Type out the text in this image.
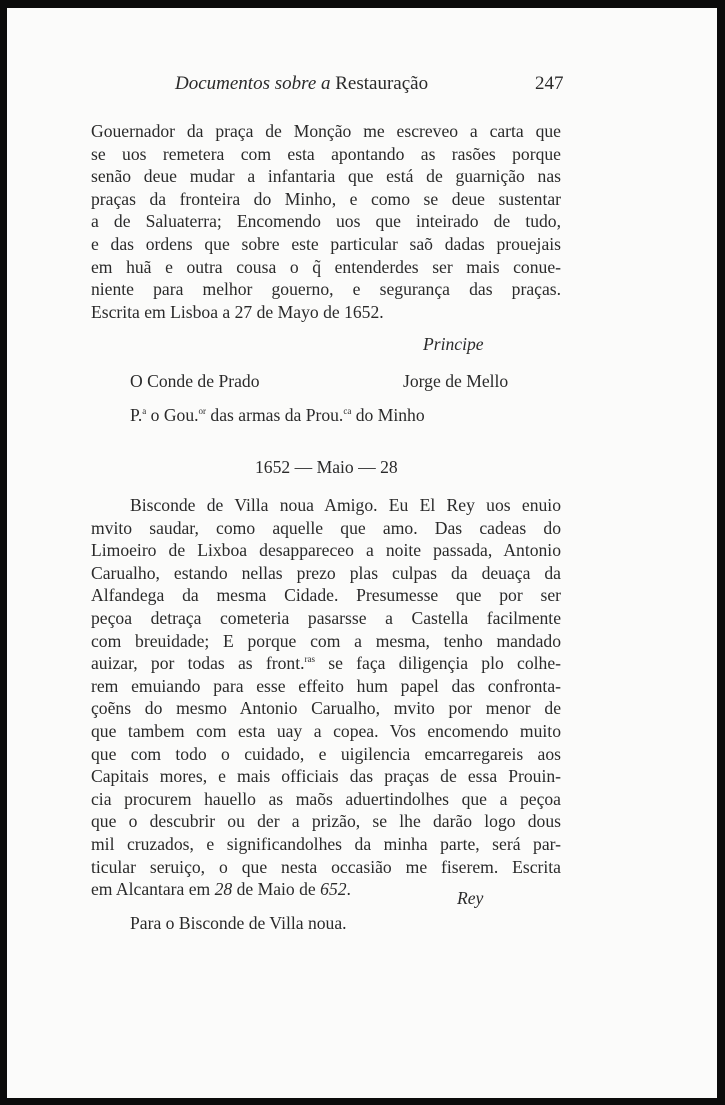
Documentos sobre a Restauração	247
Gouernador da praça de Monção me escreveo a carta que
se uos remetera com esta apontando as rasões porque
senão deue mudar a infantaria que está de guarnição nas
praças da fronteira do Minho, e como se deue sustentar
a de Saluaterra; Encomendo uos que inteirado de tudo,
e das ordens que sobre este particular saõ dadas prouejais
em huã e outra cousa o q̃ entenderdes ser mais conue-
niente para melhor gouerno, e segurança das praças.
Escrita em Lisboa a 27 de Mayo de 1652.
Principe
O Conde de Prado	Jorge de Mello
P.$^a$ o Gou.$^{or}$ das armas da Prou.$^{ca}$ do Minho
1652 — Maio — 28
Bisconde de Villa noua Amigo. Eu El Rey uos enuio
mvito saudar, como aquelle que amo. Das cadeas do
Limoeiro de Lixboa desappareceo a noite passada, Antonio
Carualho, estando nellas prezo plas culpas da deuaça da
Alfandega da mesma Cidade. Presumesse que por ser
peçoa detraça cometeria pasarsse a Castella facilmente
com breuidade; E porque com a mesma, tenho mandado
auizar, por todas as front.$^{ras}$ se faça diligençia plo colhe-
rem emuiando para esse effeito hum papel das confronta-
çoẽns do mesmo Antonio Carualho, mvito por menor de
que tambem com esta uay a copea. Vos encomendo muito
que com todo o cuidado, e uigilencia emcarregareis aos
Capitais mores, e mais officiais das praças de essa Prouin-
cia procurem hauello as maõs aduertindolhes que a peçoa
que o descubrir ou der a prizão, se lhe darão logo dous
mil cruzados, e significandolhes da minha parte, será par-
ticular seruiço, o que nesta occasião me fiserem. Escrita
em Alcantara em 28 de Maio de 652.	Rey
Para o Bisconde de Villa noua.
